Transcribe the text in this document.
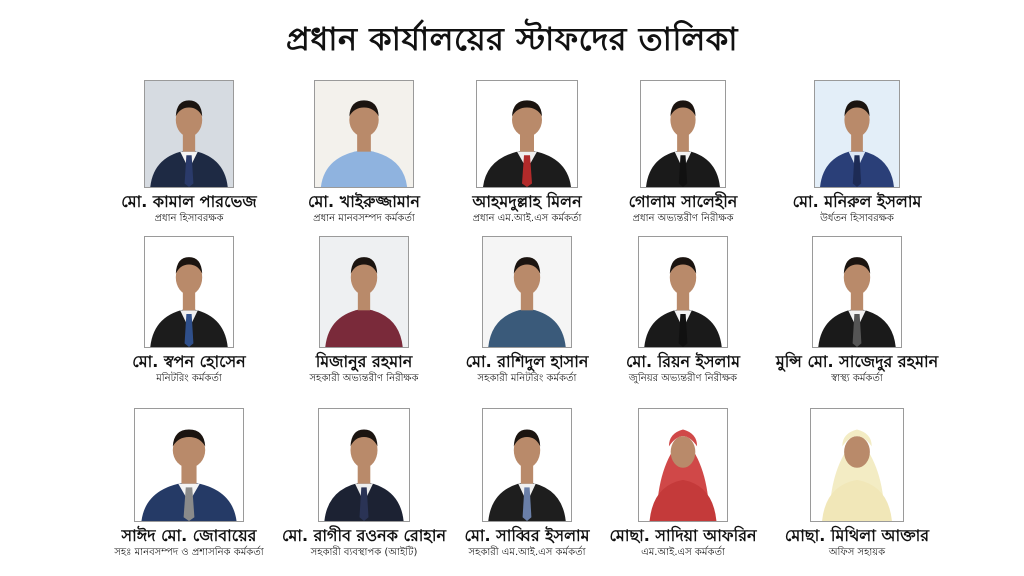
প্রধান কার্যালয়ের স্টাফদের তালিকা
মো. কামাল পারভেজ
প্রধান হিসাবরক্ষক
মো. খাইরুজ্জামান
প্রধান মানবসম্পদ কর্মকর্তা
আহমদুল্লাহ মিলন
প্রধান এম.আই.এস কর্মকর্তা
গোলাম সালেহীন
প্রধান অভ্যন্তরীণ নিরীক্ষক
মো. মনিরুল ইসলাম
উর্ধতন হিসাবরক্ষক
মো. স্বপন হোসেন
মনিটরিং কর্মকর্তা
মিজানুর রহমান
সহকারী অভ্যন্তরীণ নিরীক্ষক
মো. রাশিদুল হাসান
সহকারী মনিটরিং কর্মকর্তা
মো. রিয়ন ইসলাম
জুনিয়র অভ্যন্তরীণ নিরীক্ষক
মুন্সি মো. সাজেদুর রহমান
স্বাস্থ্য কর্মকর্তা
সাঈদ মো. জোবায়ের
সহঃ মানবসম্পদ ও প্রশাসনিক কর্মকর্তা
মো. রাগীব রওনক রোহান
সহকারী ব্যবস্থাপক (আইটি)
মো. সাব্বির ইসলাম
সহকারী এম.আই.এস কর্মকর্তা
মোছা. সাদিয়া আফরিন
এম.আই.এস কর্মকর্তা
মোছা. মিথিলা আক্তার
অফিস সহায়ক
